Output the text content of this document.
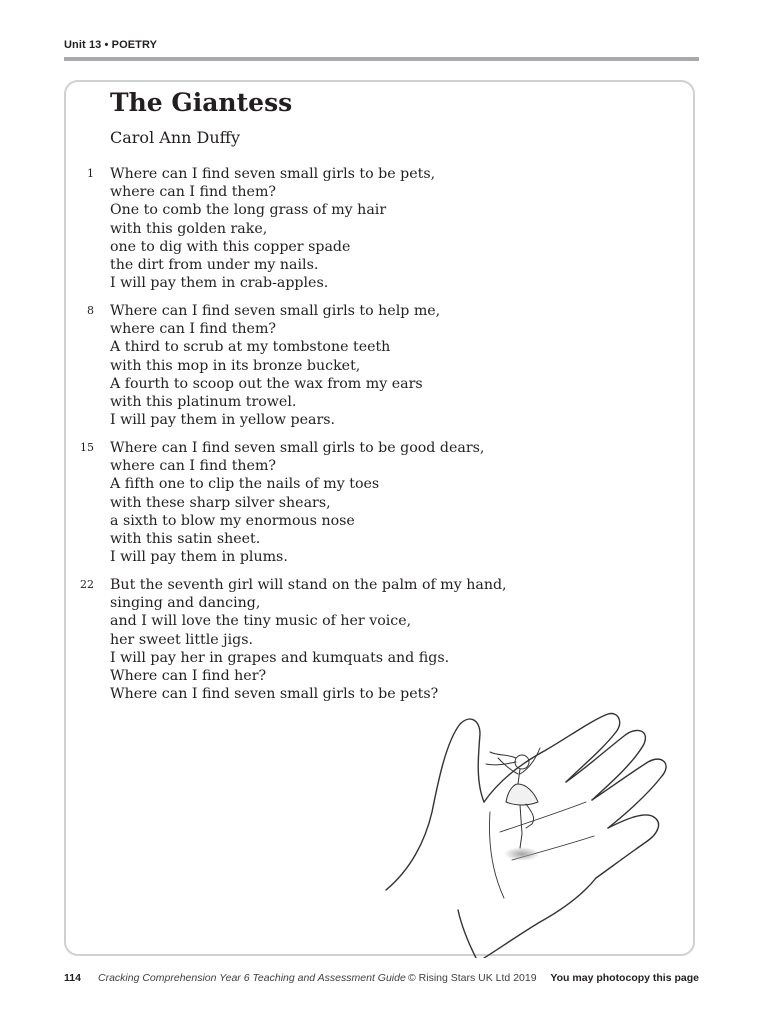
Unit 13 • POETRY
The Giantess
Carol Ann Duffy
1 Where can I find seven small girls to be pets,
where can I find them?
One to comb the long grass of my hair
with this golden rake,
one to dig with this copper spade
the dirt from under my nails.
I will pay them in crab-apples.
8 Where can I find seven small girls to help me,
where can I find them?
A third to scrub at my tombstone teeth
with this mop in its bronze bucket,
A fourth to scoop out the wax from my ears
with this platinum trowel.
I will pay them in yellow pears.
15 Where can I find seven small girls to be good dears,
where can I find them?
A fifth one to clip the nails of my toes
with these sharp silver shears,
a sixth to blow my enormous nose
with this satin sheet.
I will pay them in plums.
22 But the seventh girl will stand on the palm of my hand,
singing and dancing,
and I will love the tiny music of her voice,
her sweet little jigs.
I will pay her in grapes and kumquats and figs.
Where can I find her?
Where can I find seven small girls to be pets?
114 Cracking Comprehension Year 6 Teaching and Assessment Guide © Rising Stars UK Ltd 2019 You may photocopy this page
